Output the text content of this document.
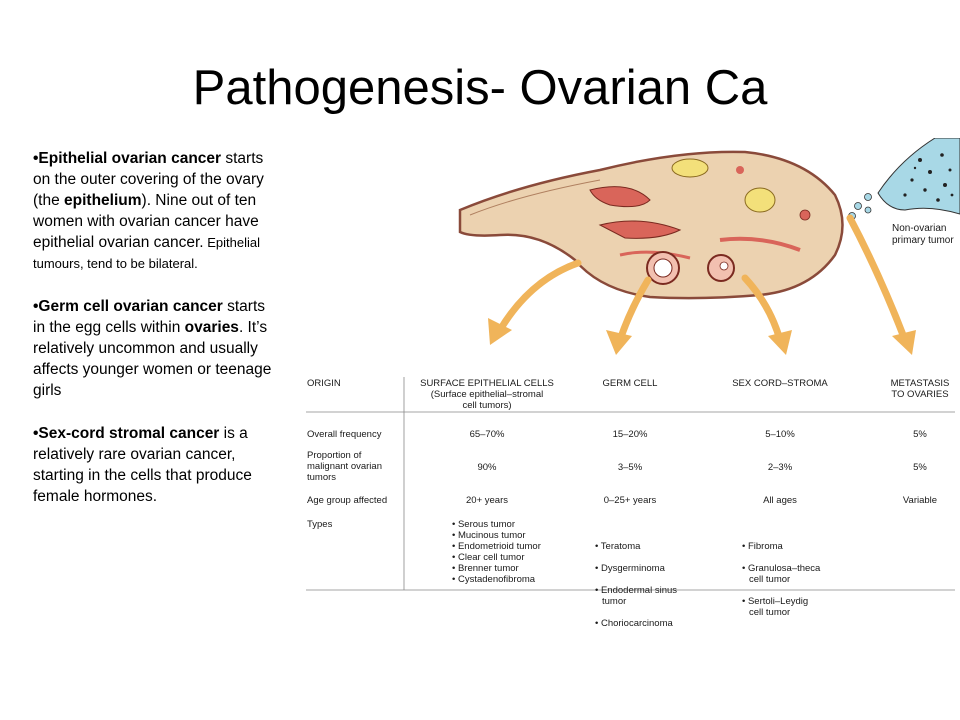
Pathogenesis- Ovarian Ca

•Epithelial ovarian cancer starts on the outer covering of the ovary (the epithelium). Nine out of ten women with ovarian cancer have epithelial ovarian cancer. Epithelial tumours, tend to be bilateral.

•Germ cell ovarian cancer starts in the egg cells within ovaries. It’s relatively uncommon and usually affects younger women or teenage girls

•Sex-cord stromal cancer is a relatively rare ovarian cancer, starting in the cells that produce female hormones.

Non-ovarian
primary tumor
ORIGIN	SURFACE EPITHELIAL CELLS
(Surface epithelial–stromal
cell tumors)
GERM CELL	SEX CORD–STROMA	METASTASIS
TO OVARIES
Overall frequency	65–70%	15–20%	5–10%	5%
Proportion of
malignant ovarian
tumors
90%	3–5%	2–3%	5%
Age group affected	20+ years	0–25+ years	All ages	Variable
Types
•	Serous tumor
• Mucinous tumor
• Endometrioid tumor
• Clear cell tumor
• Brenner tumor
• Cystadenofibroma

• Teratoma

• Dysgerminoma

• Endodermal sinus
tumor

• Choriocarcinoma

• Fibroma

• Granulosa–theca
cell tumor

• Sertoli–Leydig
cell tumor
